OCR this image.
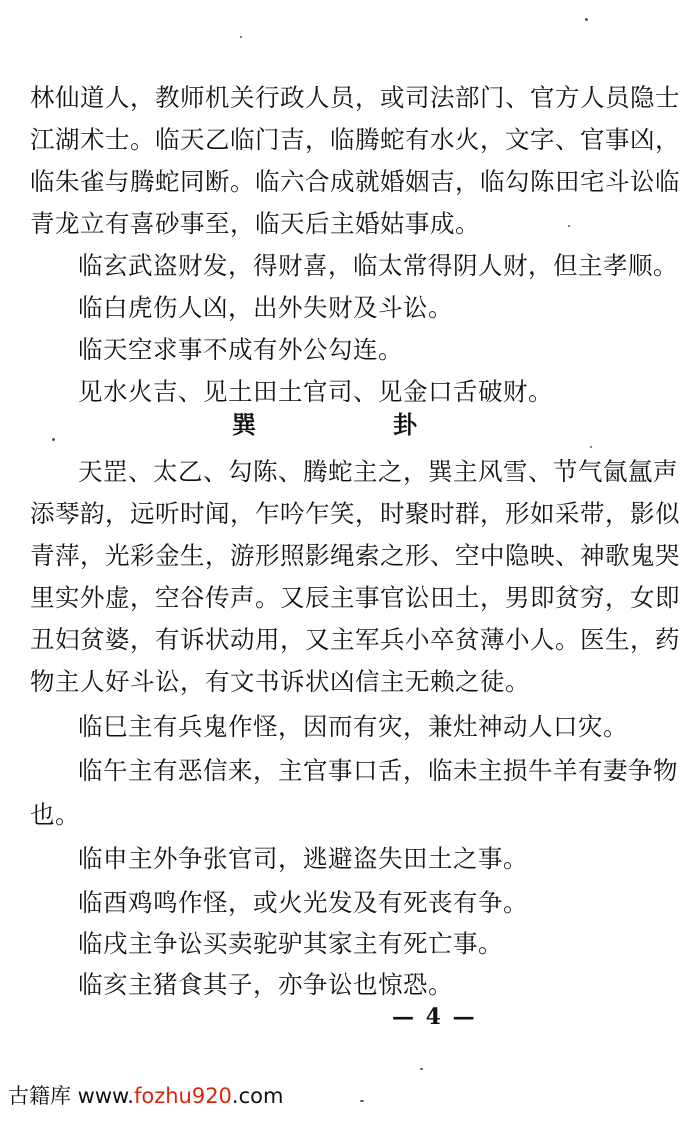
林仙道人，教师机关行政人员，或司法部门、官方人员隐士
江湖术士。临天乙临门吉，临腾蛇有水火，文字、官事凶，
临朱雀与腾蛇同断。临六合成就婚姻吉，临勾陈田宅斗讼临
青龙立有喜砂事至，临天后主婚姑事成。
临玄武盗财发，得财喜，临太常得阴人财，但主孝顺。
临白虎伤人凶，出外失财及斗讼。
临天空求事不成有外公勾连。
见水火吉、见土田土官司、见金口舌破财。
巽	卦
天罡、太乙、勾陈、腾蛇主之，巽主风雪、节气氤氲声
添琴韵，远听时闻，乍吟乍笑，时聚时群，形如采带，影似
青萍，光彩金生，游形照影绳索之形、空中隐映、神歌鬼哭
里实外虚，空谷传声。又辰主事官讼田土，男即贫穷，女即
丑妇贫婆，有诉状动用，又主军兵小卒贫薄小人。医生，药
物主人好斗讼，有文书诉状凶信主无赖之徒。
临巳主有兵鬼作怪，因而有灾，兼灶神动人口灾。
临午主有恶信来，主官事口舌，临未主损牛羊有妻争物
也。
临申主外争张官司，逃避盗失田土之事。
临酉鸡鸣作怪，或火光发及有死丧有争。
临戌主争讼买卖驼驴其家主有死亡事。
临亥主猪食其子，亦争讼也惊恐。
— 4 —
古籍库 www.fozhu920.com
